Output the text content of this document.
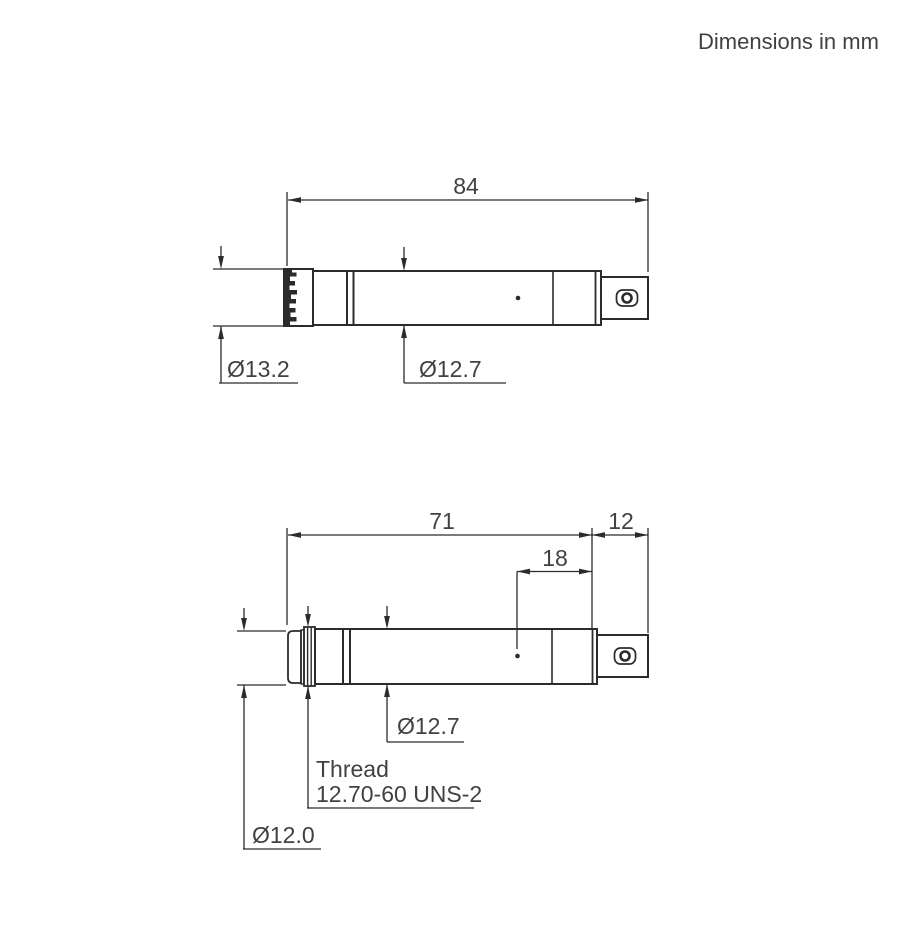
Dimensions in mm
84
Ø13.2	Ø12.7
71	12
18
Ø12.0
Thread
12.70-60 UNS-2
Ø12.7
